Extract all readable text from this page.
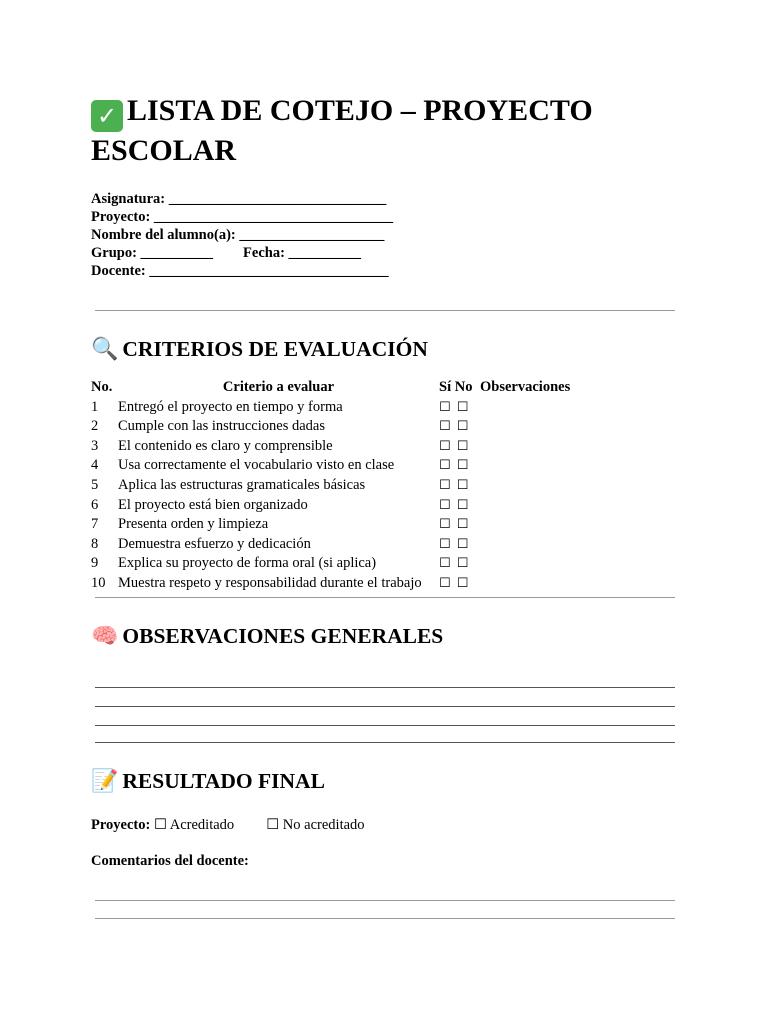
✓ LISTA DE COTEJO – PROYECTO
ESCOLAR
Asignatura: ______________________________
Proyecto: _________________________________
Nombre del alumno(a): ____________________
Grupo: __________ Fecha: __________
Docente: _________________________________
🔍 CRITERIOS DE EVALUACIÓN
No.	Criterio a evaluar	Sí No	Observaciones
1	Entregó el proyecto en tiempo y forma	☐ ☐	
2	Cumple con las instrucciones dadas	☐ ☐	
3	El contenido es claro y comprensible	☐ ☐	
4	Usa correctamente el vocabulario visto en clase	☐ ☐	
5	Aplica las estructuras gramaticales básicas	☐ ☐	
6	El proyecto está bien organizado	☐ ☐	
7	Presenta orden y limpieza	☐ ☐	
8	Demuestra esfuerzo y dedicación	☐ ☐	
9	Explica su proyecto de forma oral (si aplica)	☐ ☐	
10	Muestra respeto y responsabilidad durante el trabajo	☐ ☐	
🧠 OBSERVACIONES GENERALES
📝 RESULTADO FINAL
Proyecto: ☐ Acreditado ☐ No acreditado
Comentarios del docente:
